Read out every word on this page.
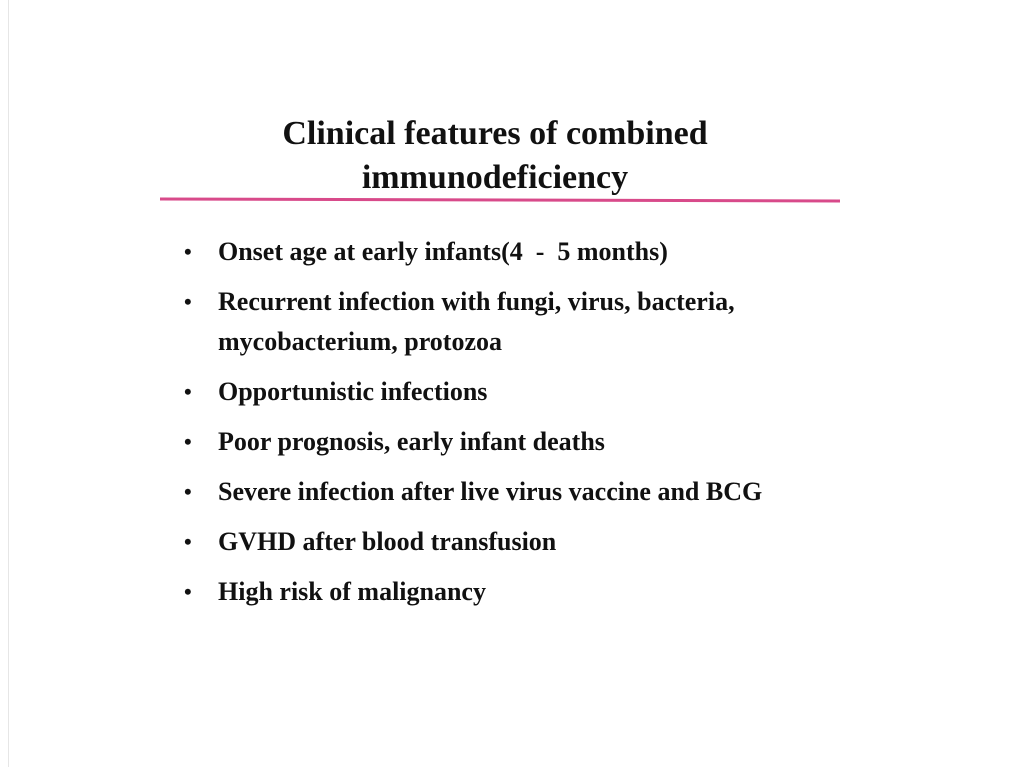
Clinical features of combined
immunodeficiency
• Onset age at early infants(4  -  5 months)
• Recurrent infection with fungi, virus, bacteria, mycobacterium, protozoa
• Opportunistic infections
• Poor prognosis, early infant deaths
• Severe infection after live virus vaccine and BCG
• GVHD after blood transfusion
• High risk of malignancy
